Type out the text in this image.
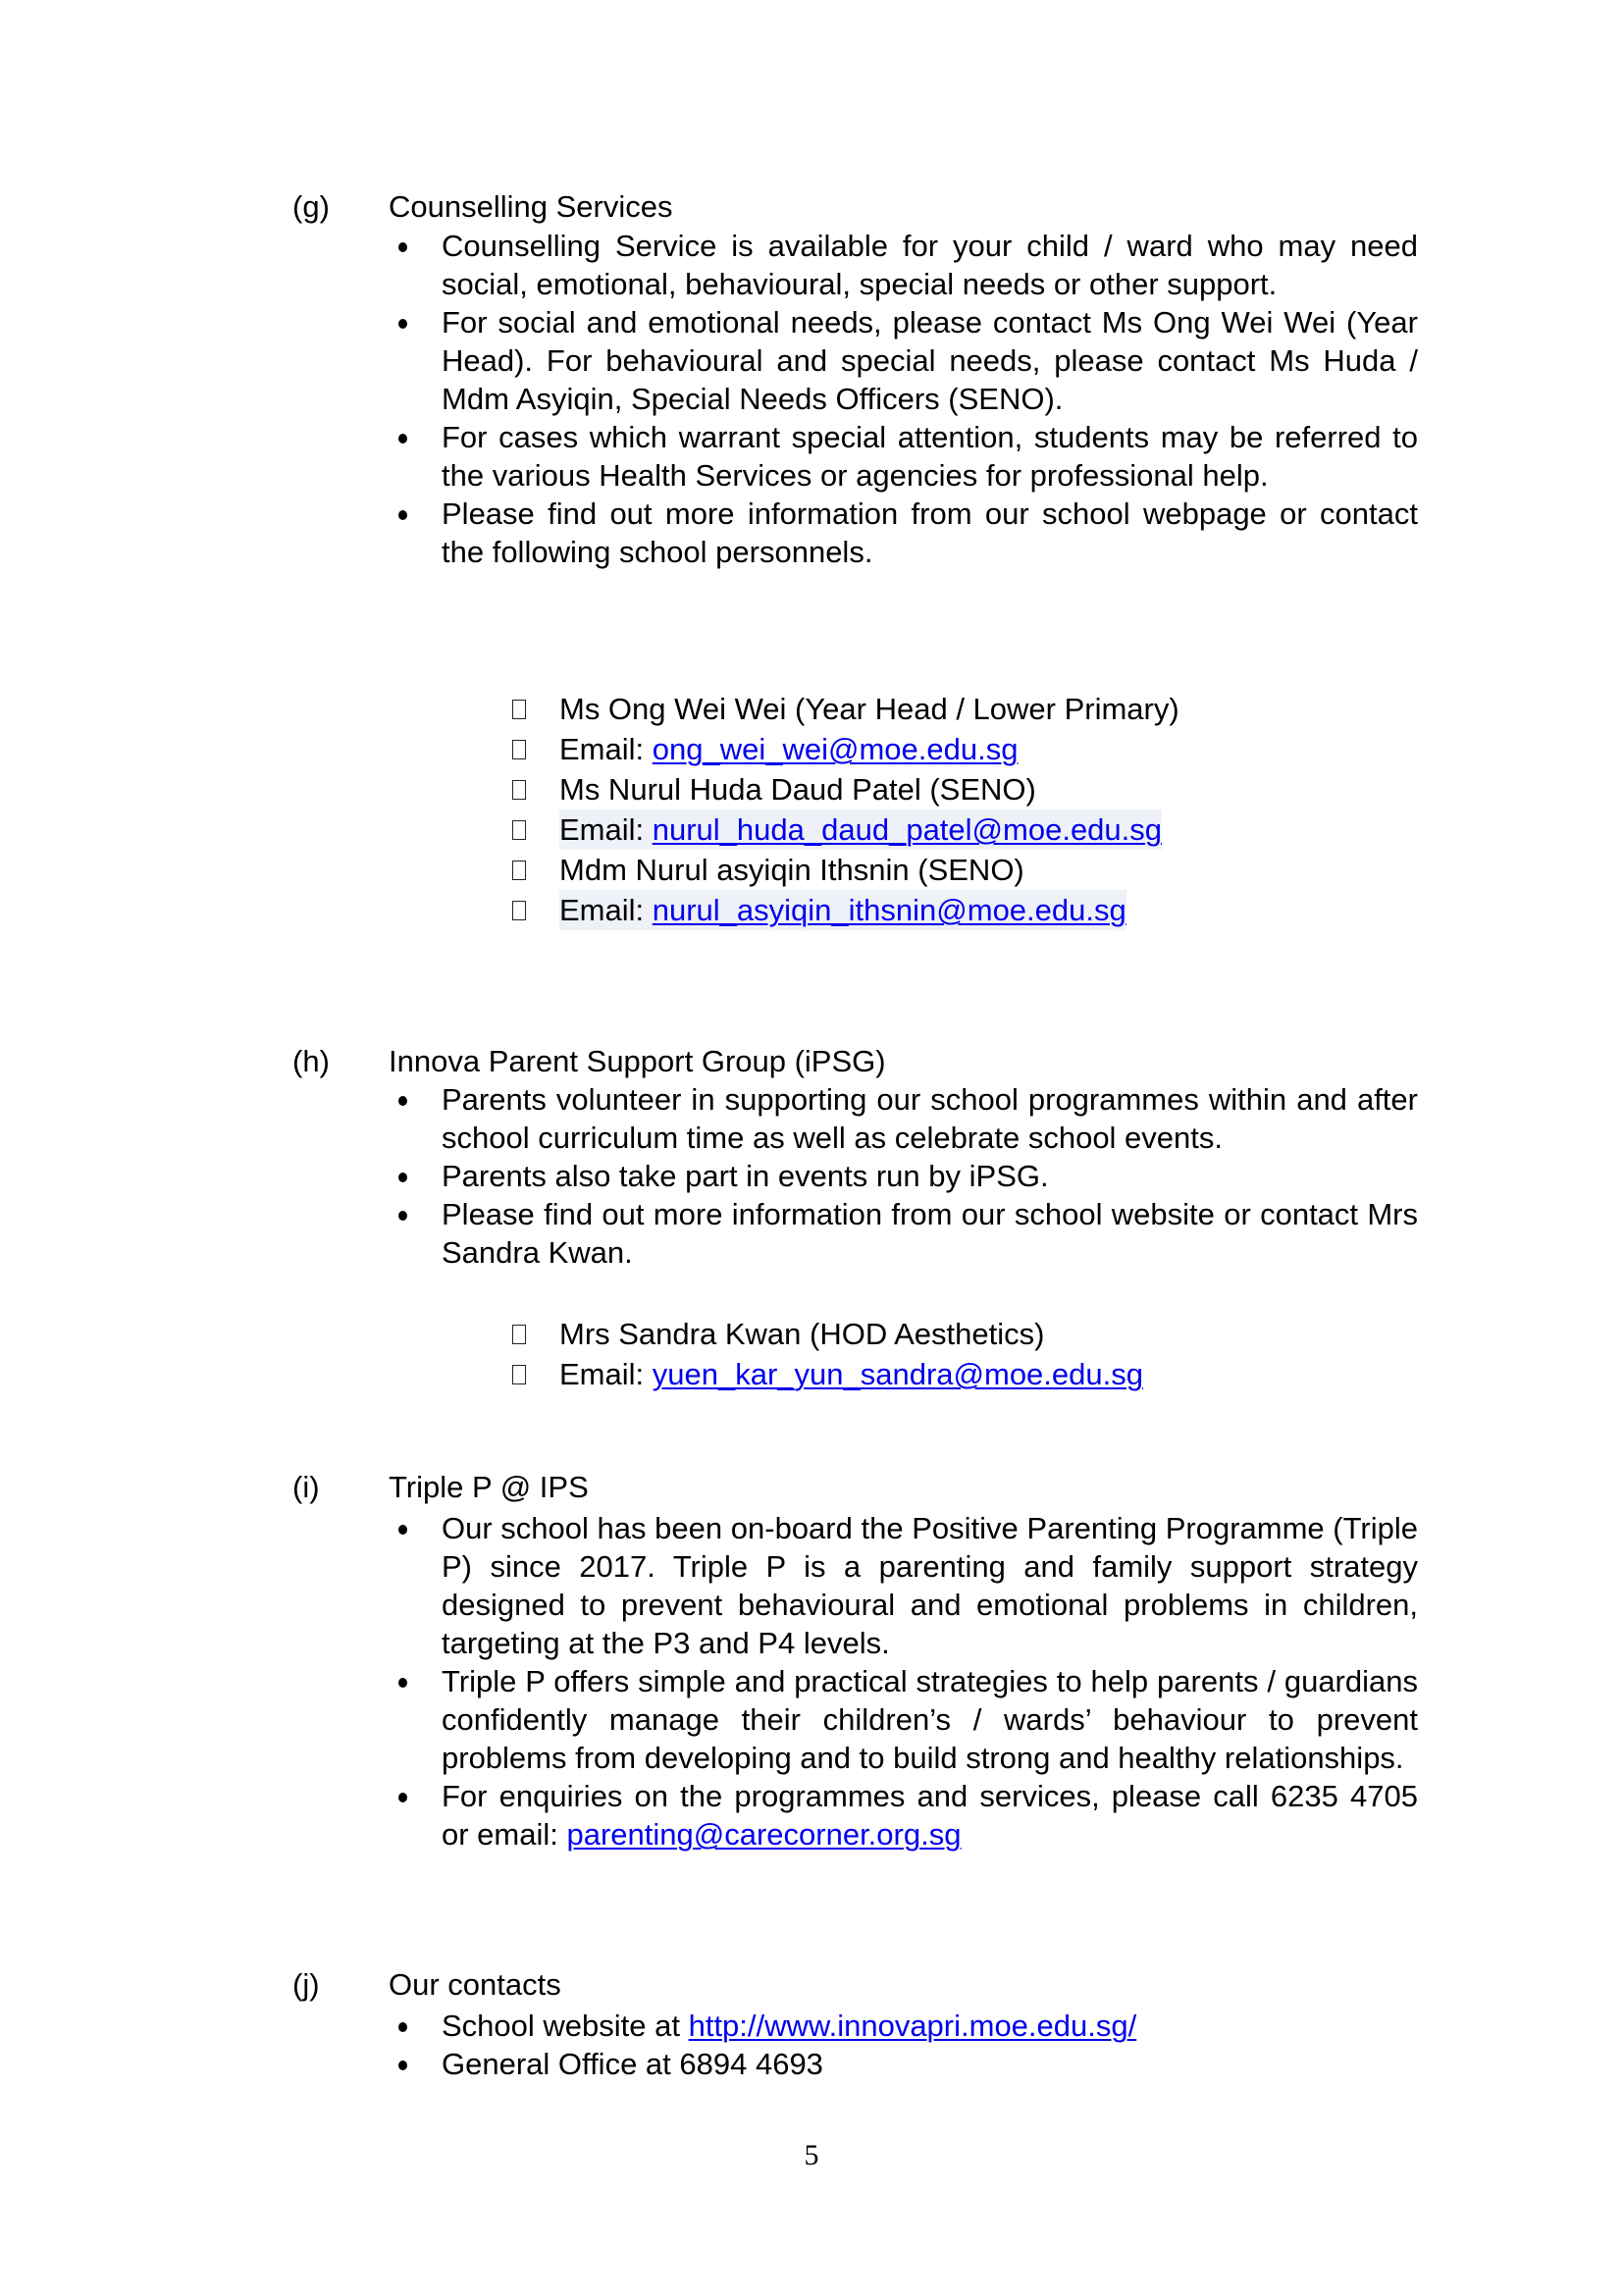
(g) Counselling Services
Counselling Service is available for your child / ward who may need social, emotional, behavioural, special needs or other support.
For social and emotional needs, please contact Ms Ong Wei Wei (Year Head). For behavioural and special needs, please contact Ms Huda / Mdm Asyiqin, Special Needs Officers (SENO).
For cases which warrant special attention, students may be referred to the various Health Services or agencies for professional help.
Please find out more information from our school webpage or contact the following school personnels.
Ms Ong Wei Wei (Year Head / Lower Primary)
Email: ong_wei_wei@moe.edu.sg
Ms Nurul Huda Daud Patel (SENO)
Email: nurul_huda_daud_patel@moe.edu.sg
Mdm Nurul asyiqin Ithsnin (SENO)
Email: nurul_asyiqin_ithsnin@moe.edu.sg
(h) Innova Parent Support Group (iPSG)
Parents volunteer in supporting our school programmes within and after school curriculum time as well as celebrate school events.
Parents also take part in events run by iPSG.
Please find out more information from our school website or contact Mrs Sandra Kwan.
Mrs Sandra Kwan (HOD Aesthetics)
Email: yuen_kar_yun_sandra@moe.edu.sg
(i) Triple P @ IPS
Our school has been on-board the Positive Parenting Programme (Triple P) since 2017. Triple P is a parenting and family support strategy designed to prevent behavioural and emotional problems in children, targeting at the P3 and P4 levels.
Triple P offers simple and practical strategies to help parents / guardians confidently manage their children’s / wards’ behaviour to prevent problems from developing and to build strong and healthy relationships.
For enquiries on the programmes and services, please call 6235 4705 or email: parenting@carecorner.org.sg
(j) Our contacts
School website at http://www.innovapri.moe.edu.sg/
General Office at 6894 4693
5
